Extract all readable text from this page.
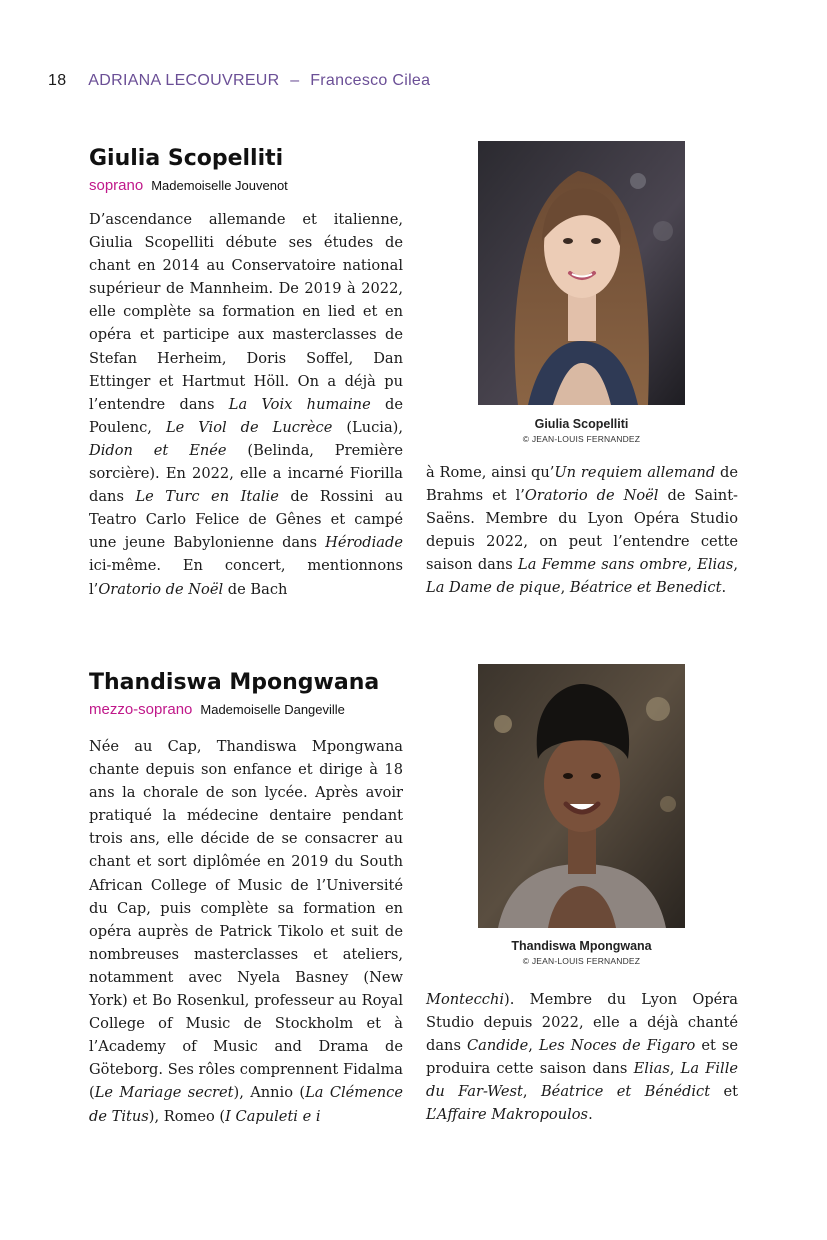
18 ADRIANA LECOUVREUR – Francesco Cilea
Giulia Scopelliti
soprano Mademoiselle Jouvenot
D’ascendance allemande et italienne, Giulia Scopelliti débute ses études de chant en 2014 au Conservatoire national supérieur de Mannheim. De 2019 à 2022, elle complète sa formation en lied et en opéra et participe aux masterclasses de Stefan Herheim, Doris Soffel, Dan Ettinger et Hartmut Höll. On a déjà pu l’entendre dans La Voix humaine de Poulenc, Le Viol de Lucrèce (Lucia), Didon et Enée (Belinda, Première sorcière). En 2022, elle a incarné Fiorilla dans Le Turc en Italie de Rossini au Teatro Carlo Felice de Gênes et campé une jeune Babylonienne dans Hérodiade ici-même. En concert, mentionnons l’Oratorio de Noël de Bach
Giulia Scopelliti
© JEAN-LOUIS FERNANDEZ
à Rome, ainsi qu’Un requiem allemand de Brahms et l’Oratorio de Noël de Saint-Saëns. Membre du Lyon Opéra Studio depuis 2022, on peut l’entendre cette saison dans La Femme sans ombre, Elias, La Dame de pique, Béatrice et Benedict.
Thandiswa Mpongwana
mezzo-soprano Mademoiselle Dangeville
Née au Cap, Thandiswa Mpongwana chante depuis son enfance et dirige à 18 ans la chorale de son lycée. Après avoir pratiqué la médecine dentaire pendant trois ans, elle décide de se consacrer au chant et sort diplômée en 2019 du South African College of Music de l’Université du Cap, puis complète sa formation en opéra auprès de Patrick Tikolo et suit de nombreuses masterclasses et ateliers, notamment avec Nyela Basney (New York) et Bo Rosenkul, professeur au Royal College of Music de Stockholm et à l’Academy of Music and Drama de Göteborg. Ses rôles comprennent Fidalma (Le Mariage secret), Annio (La Clémence de Titus), Romeo (I Capuleti e i
Thandiswa Mpongwana
© JEAN-LOUIS FERNANDEZ
Montecchi). Membre du Lyon Opéra Studio depuis 2022, elle a déjà chanté dans Candide, Les Noces de Figaro et se produira cette saison dans Elias, La Fille du Far-West, Béatrice et Bénédict et L’Affaire Makropoulos.
